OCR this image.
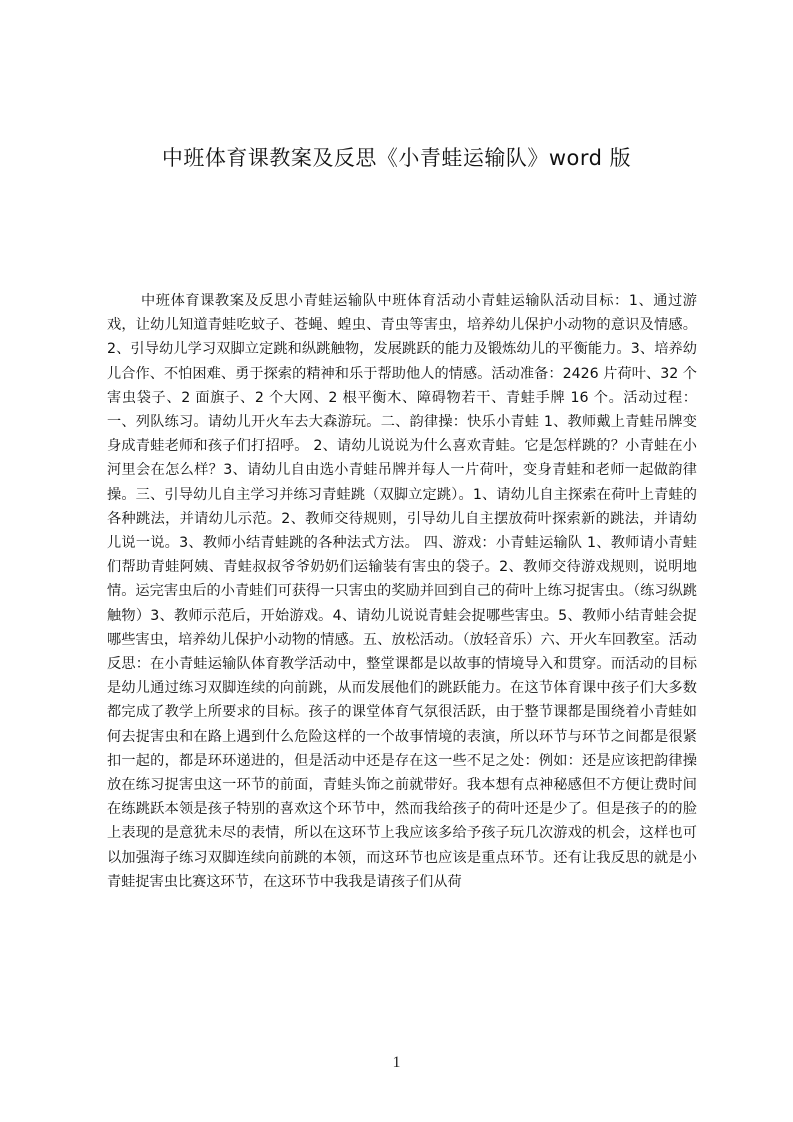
中班体育课教案及反思《小青蛙运输队》word 版

中班体育课教案及反思小青蛙运输队中班体育活动小青蛙运输队活动目标：1、通过游戏，让幼儿知道青蛙吃蚊子、苍蝇、蝗虫、青虫等害虫，培养幼儿保护小动物的意识及情感。2、引导幼儿学习双脚立定跳和纵跳触物，发展跳跃的能力及锻炼幼儿的平衡能力。3、培养幼儿合作、不怕困难、勇于探索的精神和乐于帮助他人的情感。活动准备：2426 片荷叶、32 个害虫袋子、2 面旗子、2 个大网、2 根平衡木、障碍物若干、青蛙手牌 16 个。活动过程：一、列队练习。请幼儿开火车去大森游玩。二、韵律操：快乐小青蛙 1、教师戴上青蛙吊牌变身成青蛙老师和孩子们打招呼。 2、请幼儿说说为什么喜欢青蛙。它是怎样跳的？小青蛙在小河里会在怎么样？3、请幼儿自由选小青蛙吊牌并每人一片荷叶，变身青蛙和老师一起做韵律操。三、引导幼儿自主学习并练习青蛙跳（双脚立定跳）。1、请幼儿自主探索在荷叶上青蛙的各种跳法，并请幼儿示范。2、教师交待规则，引导幼儿自主摆放荷叶探索新的跳法，并请幼儿说一说。3、教师小结青蛙跳的各种法式方法。 四、游戏：小青蛙运输队 1、教师请小青蛙们帮助青蛙阿姨、青蛙叔叔爷爷奶奶们运输装有害虫的袋子。2、教师交待游戏规则，说明地情。运完害虫后的小青蛙们可获得一只害虫的奖励并回到自己的荷叶上练习捉害虫。（练习纵跳触物）3、教师示范后，开始游戏。4、请幼儿说说青蛙会捉哪些害虫。5、教师小结青蛙会捉哪些害虫，培养幼儿保护小动物的情感。五、放松活动。（放轻音乐）六、开火车回教室。活动反思：在小青蛙运输队体育教学活动中，整堂课都是以故事的情境导入和贯穿。而活动的目标是幼儿通过练习双脚连续的向前跳，从而发展他们的跳跃能力。在这节体育课中孩子们大多数都完成了教学上所要求的目标。孩子的课堂体育气氛很活跃，由于整节课都是围绕着小青蛙如何去捉害虫和在路上遇到什么危险这样的一个故事情境的表演，所以环节与环节之间都是很紧扣一起的，都是环环递进的，但是活动中还是存在这一些不足之处：例如：还是应该把韵律操放在练习捉害虫这一环节的前面，青蛙头饰之前就带好。我本想有点神秘感但不方便让费时间在练跳跃本领是孩子特别的喜欢这个环节中，然而我给孩子的荷叶还是少了。但是孩子的的脸上表现的是意犹未尽的表情，所以在这环节上我应该多给予孩子玩几次游戏的机会，这样也可以加强海子练习双脚连续向前跳的本领，而这环节也应该是重点环节。还有让我反思的就是小青蛙捉害虫比赛这环节，在这环节中我我是请孩子们从荷

1
